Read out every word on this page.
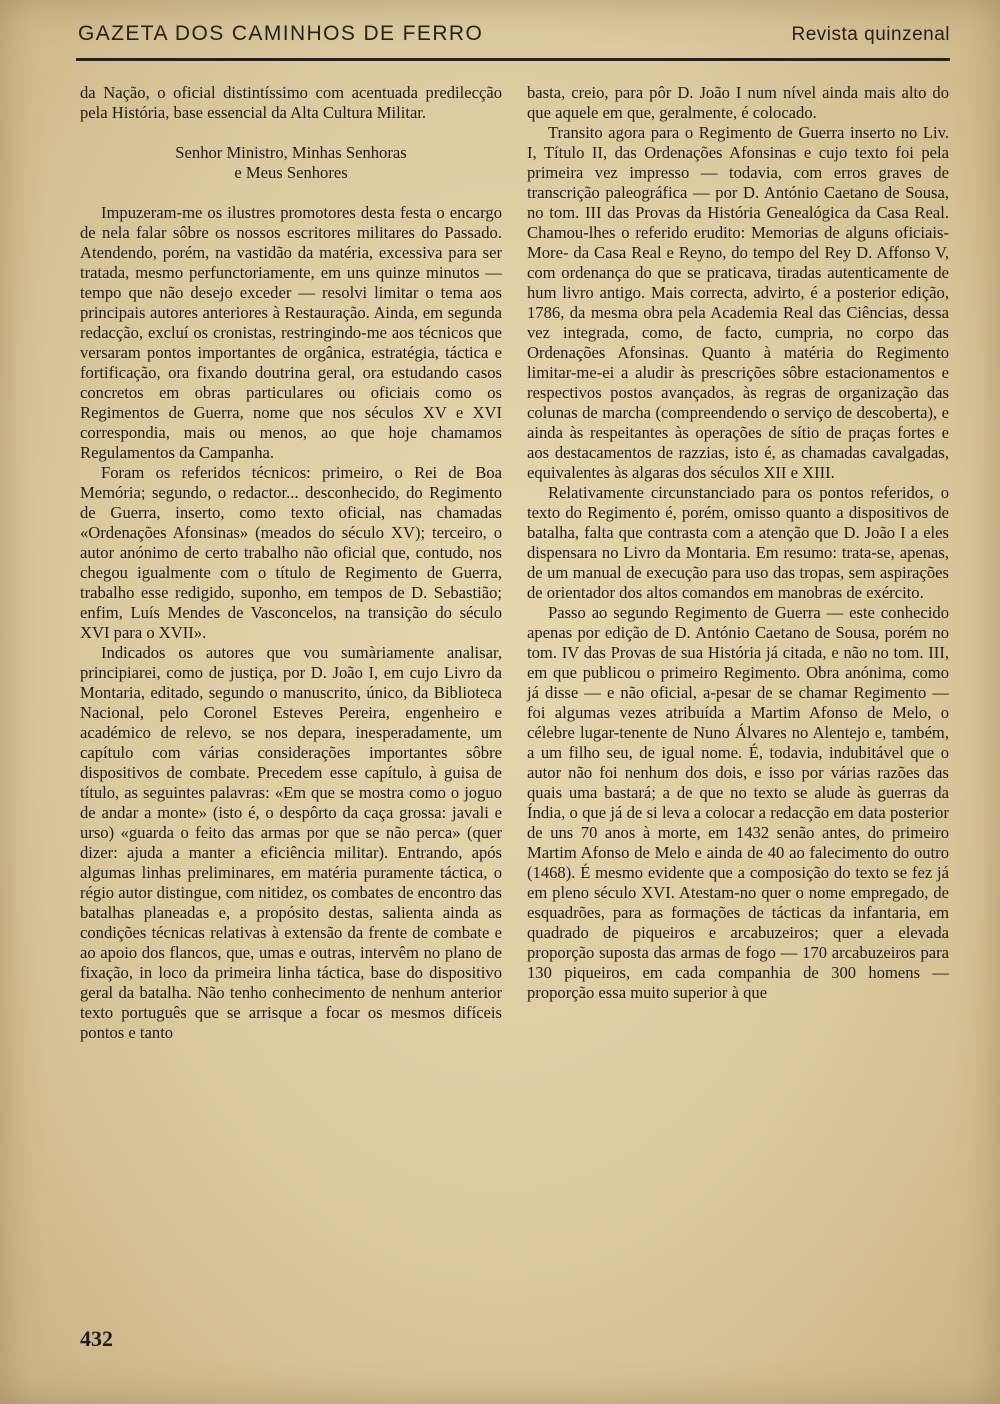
GAZETA DOS CAMINHOS DE FERRO	Revista quinzenal

da Nação, o oficial distintíssimo com acentuada predilecção pela História, base essencial da Alta Cultura Militar.

Senhor Ministro, Minhas Senhoras
e Meus Senhores

Impuzeram-me os ilustres promotores desta festa o encargo de nela falar sôbre os nossos escritores militares do Passado. Atendendo, porém, na vastidão da matéria, excessiva para ser tratada, mesmo perfunctoriamente, em uns quinze minutos — tempo que não desejo exceder — resolvi limitar o tema aos principais autores anteriores à Restauração. Ainda, em segunda redacção, excluí os cronistas, restringindo-me aos técnicos que versaram pontos importantes de orgânica, estratégia, táctica e fortificação, ora fixando doutrina geral, ora estudando casos concretos em obras particulares ou oficiais como os Regimentos de Guerra, nome que nos séculos XV e XVI correspondia, mais ou menos, ao que hoje chamamos Regulamentos da Campanha.

Foram os referidos técnicos: primeiro, o Rei de Boa Memória; segundo, o redactor... desconhecido, do Regimento de Guerra, inserto, como texto oficial, nas chamadas «Ordenações Afonsinas» (meados do século XV); terceiro, o autor anónimo de certo trabalho não oficial que, contudo, nos chegou igualmente com o título de Regimento de Guerra, trabalho esse redigido, suponho, em tempos de D. Sebastião; enfim, Luís Mendes de Vasconcelos, na transição do século XVI para o XVII».

Indicados os autores que vou sumàriamente analisar, principiarei, como de justiça, por D. João I, em cujo Livro da Montaria, editado, segundo o manuscrito, único, da Biblioteca Nacional, pelo Coronel Esteves Pereira, engenheiro e académico de relevo, se nos depara, inesperadamente, um capítulo com várias considerações importantes sôbre dispositivos de combate. Precedem esse capítulo, à guisa de título, as seguintes palavras: «Em que se mostra como o joguo de andar a monte» (isto é, o despôrto da caça grossa: javali e urso) «guarda o feito das armas por que se não perca» (quer dizer: ajuda a manter a eficiência militar). Entrando, após algumas linhas preliminares, em matéria puramente táctica, o régio autor distingue, com nitidez, os combates de encontro das batalhas planeadas e, a propósito destas, salienta ainda as condições técnicas relativas à extensão da frente de combate e ao apoio dos flancos, que, umas e outras, intervêm no plano de fixação, in loco da primeira linha táctica, base do dispositivo geral da batalha. Não tenho conhecimento de nenhum anterior texto português que se arrisque a focar os mesmos difíceis pontos e tanto

basta, creio, para pôr D. João I num nível ainda mais alto do que aquele em que, geralmente, é colocado.

Transito agora para o Regimento de Guerra inserto no Liv. I, Título II, das Ordenações Afonsinas e cujo texto foi pela primeira vez impresso — todavia, com erros graves de transcrição paleográfica — por D. António Caetano de Sousa, no tom. III das Provas da História Genealógica da Casa Real. Chamou-lhes o referido erudito: Memorias de alguns oficiais-More- da Casa Real e Reyno, do tempo del Rey D. Affonso V, com ordenança do que se praticava, tiradas autenticamente de hum livro antigo. Mais correcta, advirto, é a posterior edição, 1786, da mesma obra pela Academia Real das Ciências, dessa vez integrada, como, de facto, cumpria, no corpo das Ordenações Afonsinas. Quanto à matéria do Regimento limitar-me-ei a aludir às prescrições sôbre estacionamentos e respectivos postos avançados, às regras de organização das colunas de marcha (compreendendo o serviço de descoberta), e ainda às respeitantes às operações de sítio de praças fortes e aos destacamentos de razzias, isto é, as chamadas cavalgadas, equivalentes às algaras dos séculos XII e XIII.

Relativamente circunstanciado para os pontos referidos, o texto do Regimento é, porém, omisso quanto a dispositivos de batalha, falta que contrasta com a atenção que D. João I a eles dispensara no Livro da Montaria. Em resumo: trata-se, apenas, de um manual de execução para uso das tropas, sem aspirações de orientador dos altos comandos em manobras de exército.

Passo ao segundo Regimento de Guerra — este conhecido apenas por edição de D. António Caetano de Sousa, porém no tom. IV das Provas de sua História já citada, e não no tom. III, em que publicou o primeiro Regimento. Obra anónima, como já disse — e não oficial, a-pesar de se chamar Regimento — foi algumas vezes atribuída a Martim Afonso de Melo, o célebre lugar-tenente de Nuno Álvares no Alentejo e, também, a um filho seu, de igual nome. É, todavia, indubitável que o autor não foi nenhum dos dois, e isso por várias razões das quais uma bastará; a de que no texto se alude às guerras da Índia, o que já de si leva a colocar a redacção em data posterior de uns 70 anos à morte, em 1432 senão antes, do primeiro Martim Afonso de Melo e ainda de 40 ao falecimento do outro (1468). É mesmo evidente que a composição do texto se fez já em pleno século XVI. Atestam-no quer o nome empregado, de esquadrões, para as formações de tácticas da infantaria, em quadrado de piqueiros e arcabuzeiros; quer a elevada proporção suposta das armas de fogo — 170 arcabuzeiros para 130 piqueiros, em cada companhia de 300 homens — proporção essa muito superior à que

432
